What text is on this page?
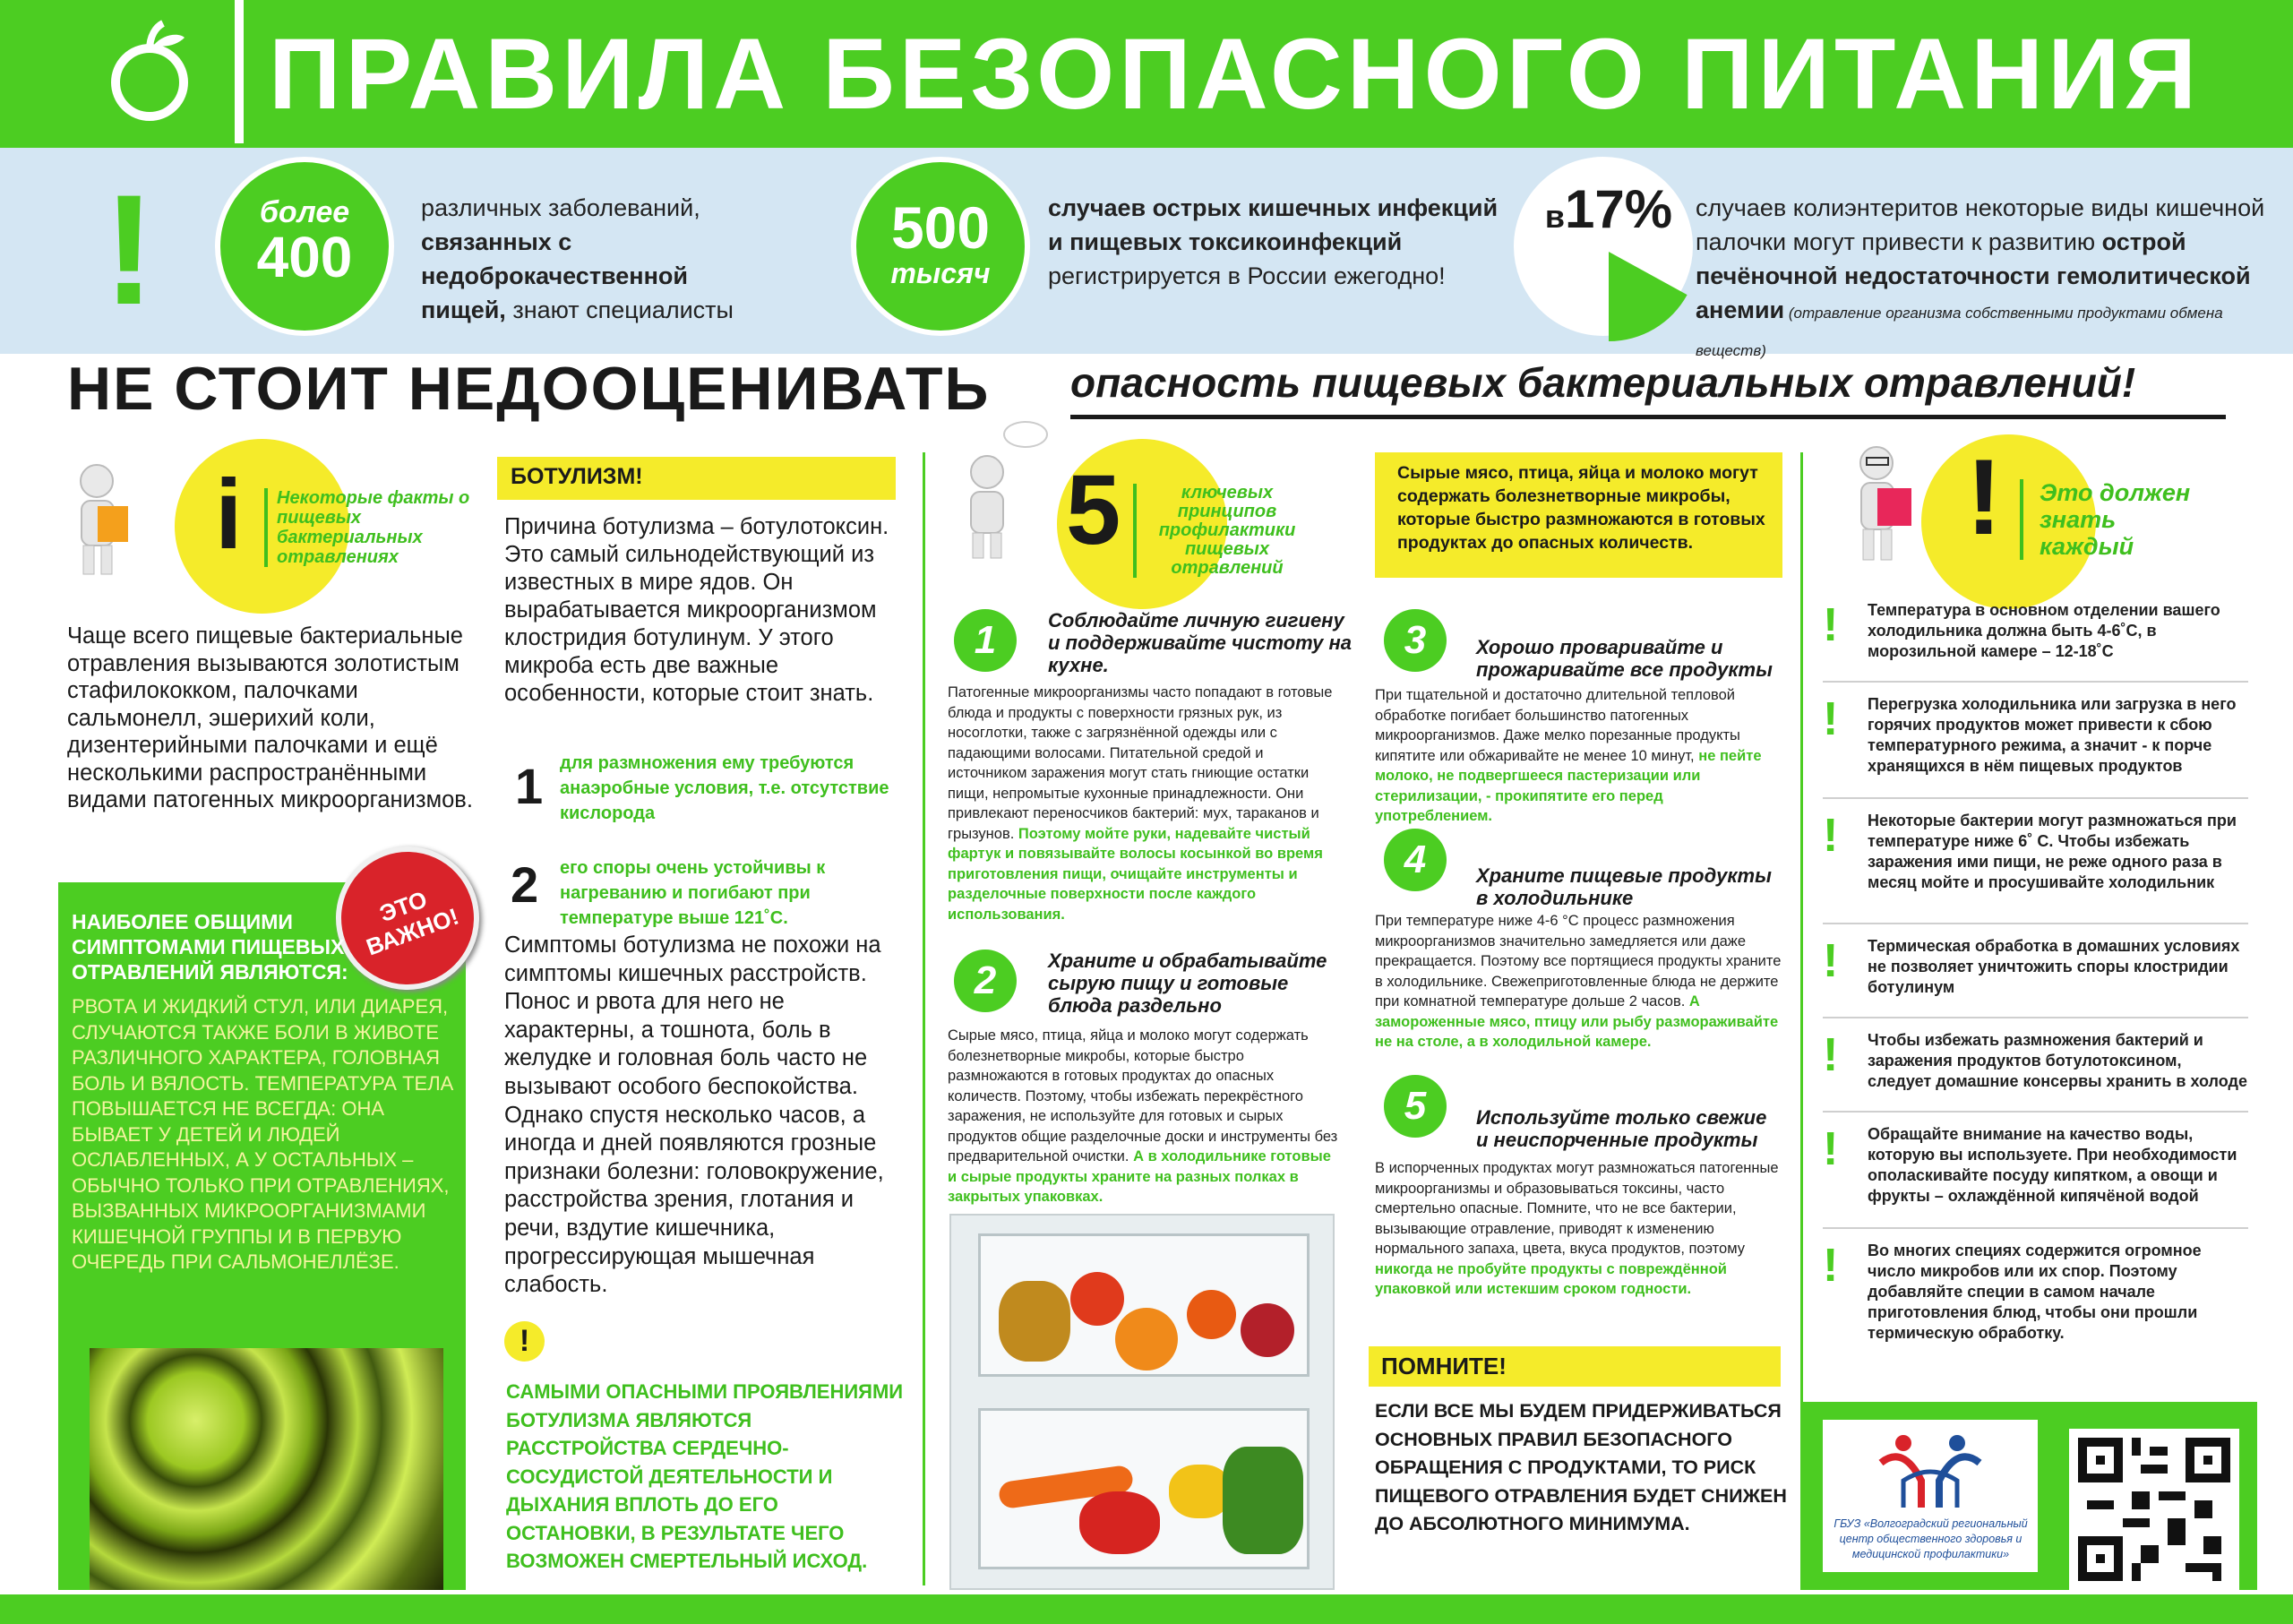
ПРАВИЛА БЕЗОПАСНОГО ПИТАНИЯ
!	более
400
различных заболеваний,
связанных с недоброкачественной
пищей, знают специалисты
500
тысяч
случаев острых кишечных инфекций
и пищевых токсикоинфекций
регистрируется в России ежегодно!
в17% случаев колиэнтеритов некоторые виды кишечной
палочки могут привести к развитию острой
печёночной недостаточности гемолитической
анемии (отравление организма собственными продуктами обмена веществ)
НЕ СТОИТ НЕДООЦЕНИВАТЬ опасность пищевых бактериальных отравлений!
i	Некоторые факты о пищевых бактериальных отравлениях
Чаще всего пищевые бактериальные отравления вызываются золотистым стафилококком, палочками сальмонелл, эшерихий коли, дизентерийными палочками и ещё несколькими распространёнными видами патогенных микроорганизмов.
ЭТО ВАЖНО!
НАИБОЛЕЕ ОБЩИМИ СИМПТОМАМИ ПИЩЕВЫХ ОТРАВЛЕНИЙ ЯВЛЯЮТСЯ:
РВОТА И ЖИДКИЙ СТУЛ, ИЛИ ДИАРЕЯ, СЛУЧАЮТСЯ ТАКЖЕ БОЛИ В ЖИВОТЕ РАЗЛИЧНОГО ХАРАКТЕРА, ГОЛОВНАЯ БОЛЬ И ВЯЛОСТЬ. ТЕМПЕРАТУРА ТЕЛА ПОВЫШАЕТСЯ НЕ ВСЕГДА: ОНА БЫВАЕТ У ДЕТЕЙ И ЛЮДЕЙ ОСЛАБЛЕННЫХ, А У ОСТАЛЬНЫХ – ОБЫЧНО ТОЛЬКО ПРИ ОТРАВЛЕНИЯХ, ВЫЗВАННЫХ МИКРООРГАНИЗМАМИ КИШЕЧНОЙ ГРУППЫ И В ПЕРВУЮ ОЧЕРЕДЬ ПРИ САЛЬМОНЕЛЛЁЗЕ.
БОТУЛИЗМ!
Причина ботулизма – ботулотоксин. Это самый сильнодействующий из известных в мире ядов. Он вырабатывается микроорганизмом клостридия ботулинум. У этого микроба есть две важные особенности, которые стоит знать.
1 для размножения ему требуются анаэробные условия, т.е. отсутствие кислорода
2 его споры очень устойчивы к нагреванию и погибают при температуре выше 121˚С.
Симптомы ботулизма не похожи на симптомы кишечных расстройств. Понос и рвота для него не характерны, а тошнота, боль в желудке и головная боль часто не вызывают особого беспокойства. Однако спустя несколько часов, а иногда и дней появляются грозные признаки болезни: головокружение, расстройства зрения, глотания и речи, вздутие кишечника, прогрессирующая мышечная слабость.
!
САМЫМИ ОПАСНЫМИ ПРОЯВЛЕНИЯМИ БОТУЛИЗМА ЯВЛЯЮТСЯ РАССТРОЙСТВА СЕРДЕЧНО-СОСУДИСТОЙ ДЕЯТЕЛЬНОСТИ И ДЫХАНИЯ ВПЛОТЬ ДО ЕГО ОСТАНОВКИ, В РЕЗУЛЬТАТЕ ЧЕГО ВОЗМОЖЕН СМЕРТЕЛЬНЫЙ ИСХОД.
5	ключевых принципов профилактики пищевых отравлений
1	Соблюдайте личную гигиену и поддерживайте чистоту на кухне.
Патогенные микроорганизмы часто попадают в готовые блюда и продукты с поверхности грязных рук, из носоглотки, также с загрязнённой одежды или с падающими волосами. Питательной средой и источником заражения могут стать гниющие остатки пищи, непромытые кухонные принадлежности. Они привлекают переносчиков бактерий: мух, тараканов и грызунов. Поэтому мойте руки, надевайте чистый фартук и повязывайте волосы косынкой во время приготовления пищи, очищайте инструменты и разделочные поверхности после каждого использования.
2	Храните и обрабатывайте сырую пищу и готовые блюда раздельно
Сырые мясо, птица, яйца и молоко могут содержать болезнетворные микробы, которые быстро размножаются в готовых продуктах до опасных количеств. Поэтому, чтобы избежать перекрёстного заражения, не используйте для готовых и сырых продуктов общие разделочные доски и инструменты без предварительной очистки. А в холодильнике готовые и сырые продукты храните на разных полках в закрытых упаковках.
Сырые мясо, птица, яйца и молоко могут содержать болезнетворные микробы, которые быстро размножаются в готовых продуктах до опасных количеств.
3	Хорошо проваривайте и прожаривайте все продукты
При тщательной и достаточно длительной тепловой обработке погибает большинство патогенных микроорганизмов. Даже мелко порезанные продукты кипятите или обжаривайте не менее 10 минут, не пейте молоко, не подвергшееся пастеризации или стерилизации, - прокипятите его перед употреблением.
4	Храните пищевые продукты в холодильнике
При температуре ниже 4-6 °С процесс размножения микроорганизмов значительно замедляется или даже прекращается. Поэтому все портящиеся продукты храните в холодильнике. Свежеприготовленные блюда не держите при комнатной температуре дольше 2 часов. А замороженные мясо, птицу или рыбу размораживайте не на столе, а в холодильной камере.
5	Используйте только свежие и неиспорченные продукты
В испорченных продуктах могут размножаться патогенные микроорганизмы и образовываться токсины, часто смертельно опасные. Помните, что не все бактерии, вызывающие отравление, приводят к изменению нормального запаха, цвета, вкуса продуктов, поэтому никогда не пробуйте продукты с повреждённой упаковкой или истекшим сроком годности.
ПОМНИТЕ!
ЕСЛИ ВСЕ МЫ БУДЕМ ПРИДЕРЖИВАТЬСЯ ОСНОВНЫХ ПРАВИЛ БЕЗОПАСНОГО ОБРАЩЕНИЯ С ПРОДУКТАМИ, ТО РИСК ПИЩЕВОГО ОТРАВЛЕНИЯ БУДЕТ СНИЖЕН ДО АБСОЛЮТНОГО МИНИМУМА.
!	Это должен знать каждый
! Температура в основном отделении вашего холодильника должна быть 4-6˚С, в морозильной камере – 12-18˚С
! Перегрузка холодильника или загрузка в него горячих продуктов может привести к сбою температурного режима, а значит - к порче хранящихся в нём пищевых продуктов
! Некоторые бактерии могут размножаться при температуре ниже 6˚ С. Чтобы избежать заражения ими пищи, не реже одного раза в месяц мойте и просушивайте холодильник
! Термическая обработка в домашних условиях не позволяет уничтожить споры клостридии ботулинум
! Чтобы избежать размножения бактерий и заражения продуктов ботулотоксином, следует домашние консервы хранить в холоде
! Обращайте внимание на качество воды, которую вы используете. При необходимости ополаскивайте посуду кипятком, а овощи и фрукты – охлаждённой кипячёной водой
! Во многих специях содержится огромное число микробов или их спор. Поэтому добавляйте специи в самом начале приготовления блюд, чтобы они прошли термическую обработку.
ГБУЗ «Волгоградский региональный центр общественного здоровья и медицинской профилактики»
